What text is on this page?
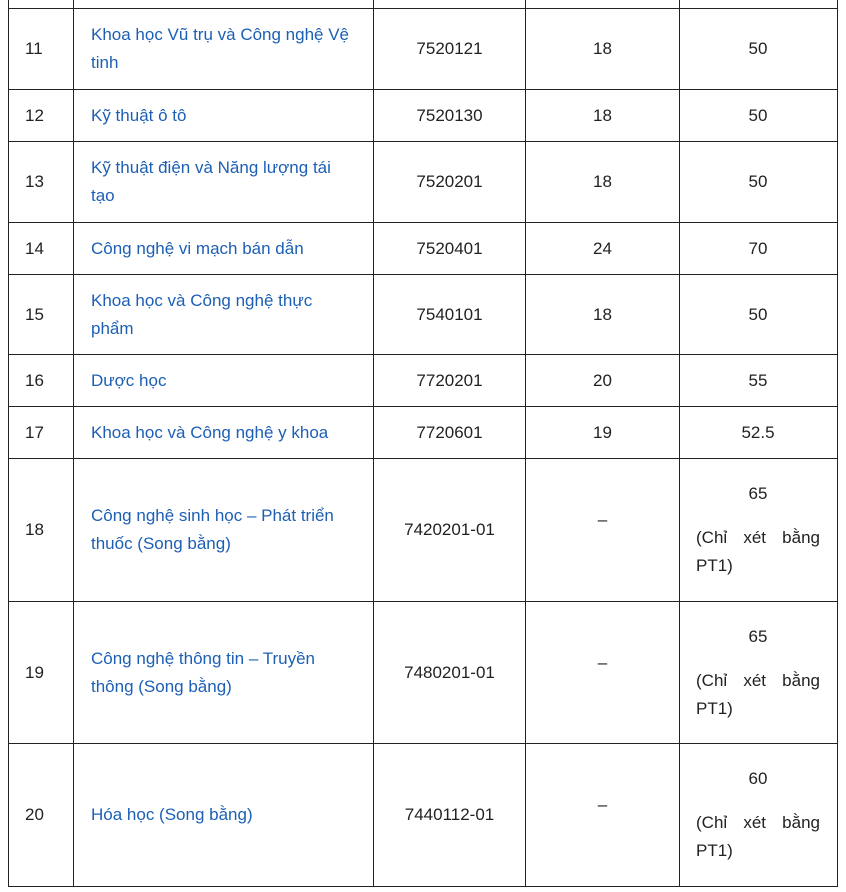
11	Khoa học Vũ trụ và Công nghệ Vệ tinh	7520121	18	50

12	Kỹ thuật ô tô	7520130	18	50

13	Kỹ thuật điện và Năng lượng tái tạo	7520201	18	50

14	Công nghệ vi mạch bán dẫn	7520401	24	70

15	Khoa học và Công nghệ thực phẩm	7540101	18	50

16	Dược học	7720201	20	55

17	Khoa học và Công nghệ y khoa	7720601	19	52.5

18	Công nghệ sinh học – Phát triển thuốc (Song bằng)	7420201-01	–	65
(Chỉ xét bằng PT1)

19	Công nghệ thông tin – Truyền thông (Song bằng)	7480201-01	–	65
(Chỉ xét bằng PT1)

20	Hóa học (Song bằng)	7440112-01	–	60
(Chỉ xét bằng PT1)
